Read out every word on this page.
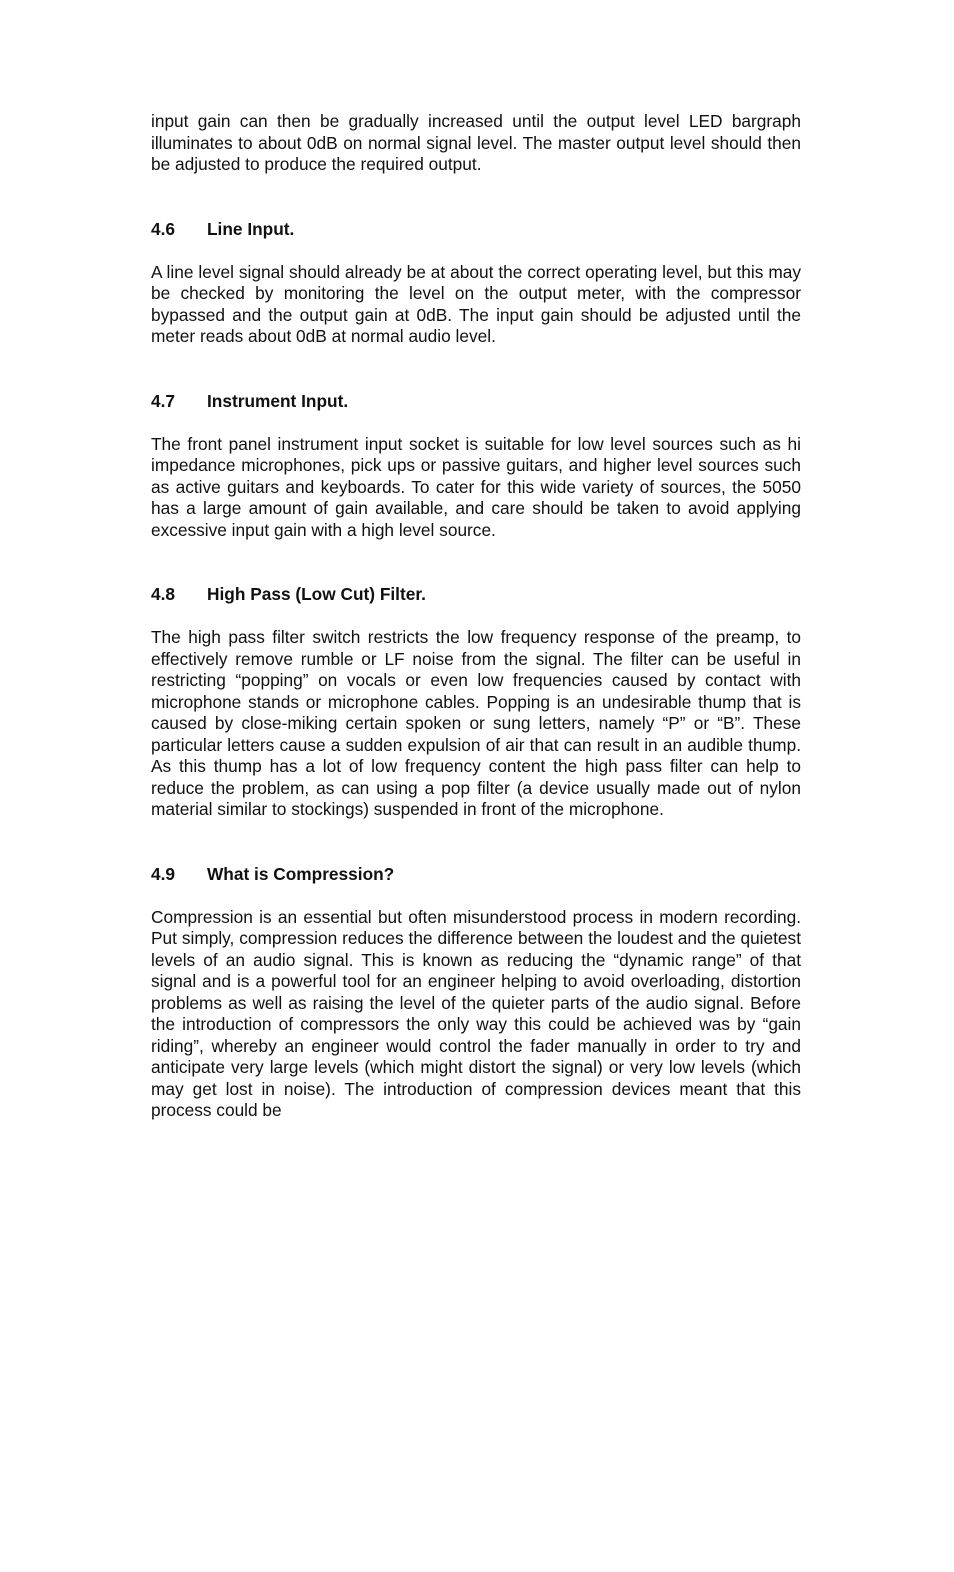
input gain can then be gradually increased until the output level LED bargraph illuminates to about 0dB on normal signal level. The master output level should then be adjusted to produce the required output.

4.6	Line Input.

A line level signal should already be at about the correct operating level, but this may be checked by monitoring the level on the output meter, with the compressor bypassed and the output gain at 0dB. The input gain should be adjusted until the meter reads about 0dB at normal audio level.

4.7	Instrument Input.

The front panel instrument input socket is suitable for low level sources such as hi impedance microphones, pick ups or passive guitars, and higher level sources such as active guitars and keyboards. To cater for this wide variety of sources, the 5050 has a large amount of gain available, and care should be taken to avoid applying excessive input gain with a high level source.

4.8	High Pass (Low Cut) Filter.

The high pass filter switch restricts the low frequency response of the preamp, to effectively remove rumble or LF noise from the signal. The filter can be useful in restricting “popping” on vocals or even low frequencies caused by contact with microphone stands or microphone cables. Popping is an undesirable thump that is caused by close-miking certain spoken or sung letters, namely “P” or “B”. These particular letters cause a sudden expulsion of air that can result in an audible thump. As this thump has a lot of low frequency content the high pass filter can help to reduce the problem, as can using a pop filter (a device usually made out of nylon material similar to stockings) suspended in front of the microphone.

4.9	What is Compression?

Compression is an essential but often misunderstood process in modern recording. Put simply, compression reduces the difference between the loudest and the quietest levels of an audio signal. This is known as reducing the “dynamic range” of that signal and is a powerful tool for an engineer helping to avoid overloading, distortion problems as well as raising the level of the quieter parts of the audio signal. Before the introduction of compressors the only way this could be achieved was by “gain riding”, whereby an engineer would control the fader manually in order to try and anticipate very large levels (which might distort the signal) or very low levels (which may get lost in noise). The introduction of compression devices meant that this process could be
